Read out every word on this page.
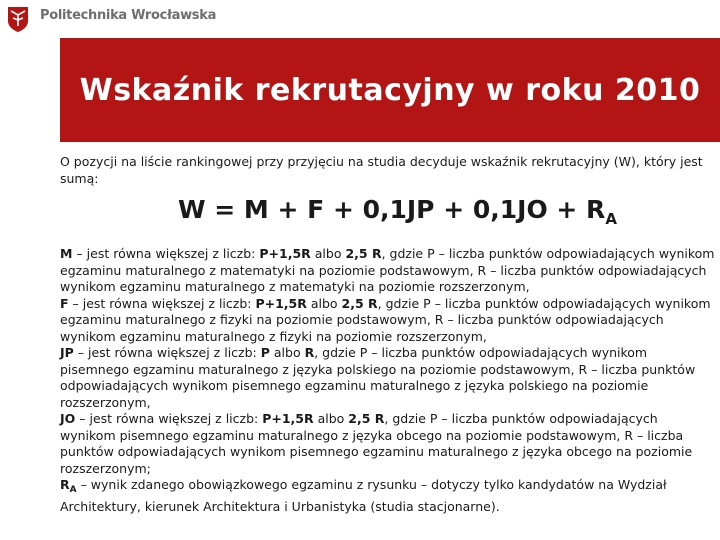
Politechnika Wrocławska
Wskaźnik rekrutacyjny w roku 2010

O pozycji na liście rankingowej przy przyjęciu na studia decyduje wskaźnik rekrutacyjny (W), który jest sumą:

$W = M + F + 0,1JP + 0,1JO + R_A$

M – jest równa większej z liczb: P+1,5R albo 2,5 R, gdzie P – liczba punktów odpowiadających wynikom egzaminu maturalnego z matematyki na poziomie podstawowym, R – liczba punktów odpowiadających wynikom egzaminu maturalnego z matematyki na poziomie rozszerzonym,

F – jest równa większej z liczb: P+1,5R albo 2,5 R, gdzie P – liczba punktów odpowiadających wynikom egzaminu maturalnego z fizyki na poziomie podstawowym, R – liczba punktów odpowiadających wynikom egzaminu maturalnego z fizyki na poziomie rozszerzonym,

JP – jest równa większej z liczb: P albo R, gdzie P – liczba punktów odpowiadających wynikom pisemnego egzaminu maturalnego z języka polskiego na poziomie podstawowym, R – liczba punktów odpowiadających wynikom pisemnego egzaminu maturalnego z języka polskiego na poziomie rozszerzonym,

JO – jest równa większej z liczb: P+1,5R albo 2,5 R, gdzie P – liczba punktów odpowiadających wynikom pisemnego egzaminu maturalnego z języka obcego na poziomie podstawowym, R – liczba punktów odpowiadających wynikom pisemnego egzaminu maturalnego z języka obcego na poziomie rozszerzonym;

$R_A$ – wynik zdanego obowiązkowego egzaminu z rysunku – dotyczy tylko kandydatów na Wydział Architektury, kierunek Architektura i Urbanistyka (studia stacjonarne).
